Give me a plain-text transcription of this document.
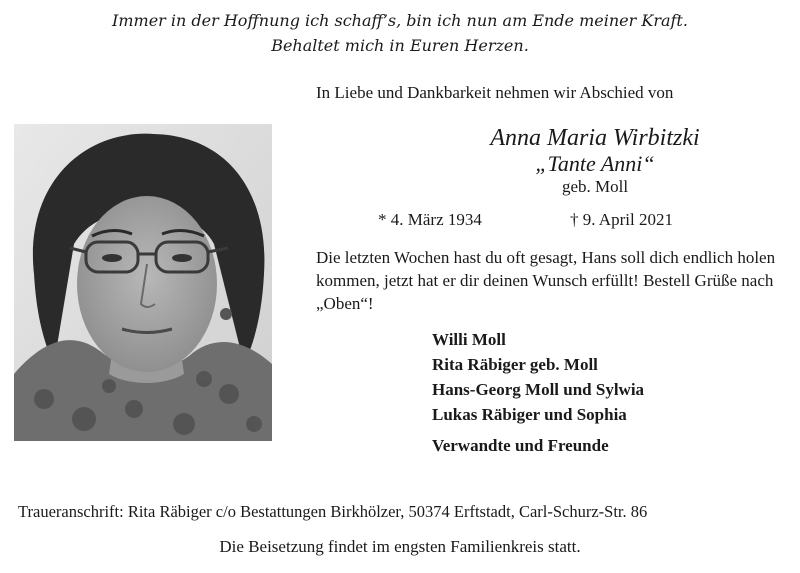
Immer in der Hoffnung ich schaff’s, bin ich nun am Ende meiner Kraft.
Behaltet mich in Euren Herzen.
In Liebe und Dankbarkeit nehmen wir Abschied von
Anna Maria Wirbitzki
„Tante Anni“
geb. Moll
* 4. März 1934	† 9. April 2021
Die letzten Wochen hast du oft gesagt, Hans soll dich endlich holen kommen, jetzt hat er dir deinen Wunsch erfüllt! Bestell Grüße nach „Oben“!
Willi Moll
Rita Räbiger geb. Moll
Hans-Georg Moll und Sylwia
Lukas Räbiger und Sophia
Verwandte und Freunde
Traueranschrift: Rita Räbiger c/o Bestattungen Birkhölzer, 50374 Erftstadt, Carl-Schurz-Str. 86
Die Beisetzung findet im engsten Familienkreis statt.
